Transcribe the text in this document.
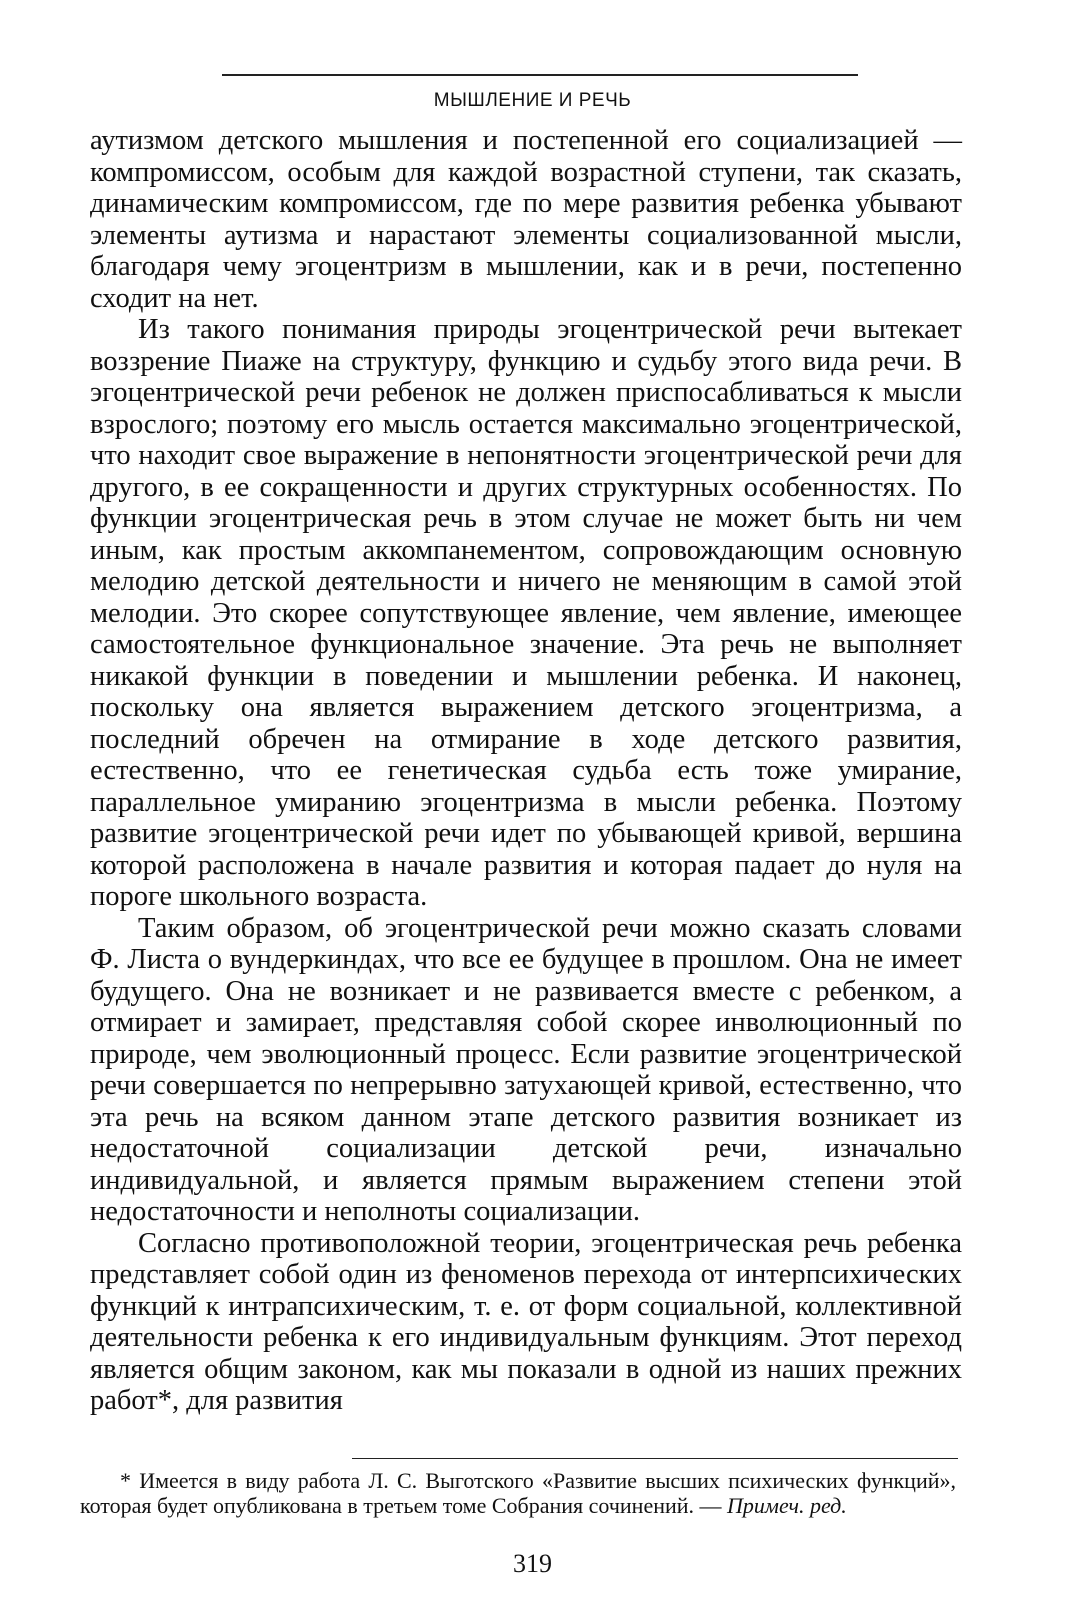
МЫШЛЕНИЕ И РЕЧЬ

аутизмом детского мышления и постепенной его социализацией — компромиссом, особым для каждой возрастной ступени, так сказать, динамическим компромиссом, где по мере развития ребенка убывают элементы аутизма и нарастают элементы социализованной мысли, благодаря чему эгоцентризм в мышлении, как и в речи, постепенно сходит на нет.

Из такого понимания природы эгоцентрической речи вытекает воззрение Пиаже на структуру, функцию и судьбу этого вида речи. В эгоцентрической речи ребенок не должен приспосабливаться к мысли взрослого; поэтому его мысль остается максимально эгоцентрической, что находит свое выражение в непонятности эгоцентрической речи для другого, в ее сокращенности и других структурных особенностях. По функции эгоцентрическая речь в этом случае не может быть ни чем иным, как простым аккомпанементом, сопровождающим основную мелодию детской деятельности и ничего не меняющим в самой этой мелодии. Это скорее сопутствующее явление, чем явление, имеющее самостоятельное функциональное значение. Эта речь не выполняет никакой функции в поведении и мышлении ребенка. И наконец, поскольку она является выражением детского эгоцентризма, а последний обречен на отмирание в ходе детского развития, естественно, что ее генетическая судьба есть тоже умирание, параллельное умиранию эгоцентризма в мысли ребенка. Поэтому развитие эгоцентрической речи идет по убывающей кривой, вершина которой расположена в начале развития и которая падает до нуля на пороге школьного возраста.

Таким образом, об эгоцентрической речи можно сказать словами Ф. Листа о вундеркиндах, что все ее будущее в прошлом. Она не имеет будущего. Она не возникает и не развивается вместе с ребенком, а отмирает и замирает, представляя собой скорее инволюционный по природе, чем эволюционный процесс. Если развитие эгоцентрической речи совершается по непрерывно затухающей кривой, естественно, что эта речь на всяком данном этапе детского развития возникает из недостаточной социализации детской речи, изначально индивидуальной, и является прямым выражением степени этой недостаточности и неполноты социализации.

Согласно противоположной теории, эгоцентрическая речь ребенка представляет собой один из феноменов перехода от интерпсихических функций к интрапсихическим, т. е. от форм социальной, коллективной деятельности ребенка к его индивидуальным функциям. Этот переход является общим законом, как мы показали в одной из наших прежних работ*, для развития

* Имеется в виду работа Л. С. Выготского «Развитие высших психических функций», которая будет опубликована в третьем томе Собрания сочинений. — Примеч. ред.
319
